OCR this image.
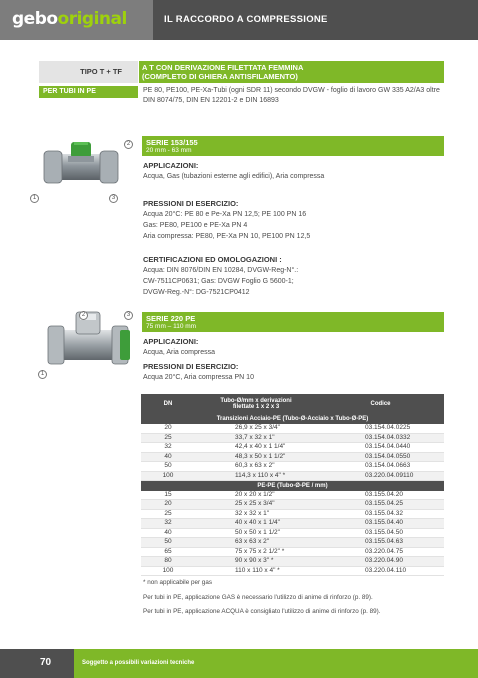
gebooriginal	IL RACCORDO A COMPRESSIONE
TIPO T + TF	A T CON DERIVAZIONE FILETTATA FEMMINA
(COMPLETO DI GHIERA ANTISFILAMENTO)
PER TUBI IN PE	PE 80, PE100, PE-Xa-Tubi (ogni SDR 11) secondo DVGW - foglio di lavoro GW 335 A2/A3 oltre DIN 8074/75, DIN EN 12201-2 e DIN 16893
2
1	3
SERIE 153/155
20 mm - 63 mm
APPLICAZIONI:
Acqua, Gas (tubazioni esterne agli edifici), Aria compressa
PRESSIONI DI ESERCIZIO:
Acqua 20°C: PE 80 e Pe-Xa PN 12,5; PE 100 PN 16
Gas: PE80, PE100 e PE-Xa PN 4
Aria compressa: PE80, PE-Xa PN 10, PE100 PN 12,5
CERTIFICAZIONI ED OMOLOGAZIONI :
Acqua: DIN 8076/DIN EN 10284, DVGW-Reg-N°.:
CW-7511CP0631; Gas: DVGW Foglio G 5600-1;
DVGW-Reg.-N°: DG-7521CP0412
2	3
1
SERIE 220 PE
75 mm – 110 mm
APPLICAZIONI:
Acqua, Aria compressa
PRESSIONI DI ESERCIZIO:
Acqua 20°C, Aria compressa PN 10
DN	Tubo-Ø/mm x derivazioni
filettate 1 x 2 x 3	Codice
Transizioni Acciaio-PE (Tubo-Ø-Acciaio x Tubo-Ø-PE)		
20	26,9 x 25 x 3/4"	03.154.04.0225
25	33,7 x 32 x 1"	03.154.04.0332
32	42,4 x 40 x 1 1/4"	03.154.04.0440
40	48,3 x 50 x 1 1/2"	03.154.04.0550
50	60,3 x 63 x 2"	03.154.04.0663
100	114,3 x 110 x 4" *	03.220.04.09110
PE-PE (Tubo-Ø-PE / mm)		
15	20 x 20 x 1/2"	03.155.04.20
20	25 x 25 x 3/4"	03.155.04.25
25	32 x 32 x 1"	03.155.04.32
32	40 x 40 x 1 1/4"	03.155.04.40
40	50 x 50 x 1 1/2"	03.155.04.50
50	63 x 63 x 2"	03.155.04.63
65	75 x 75 x 2 1/2" *	03.220.04.75
80	90 x 90 x 3" *	03.220.04.90
100	110 x 110 x 4" *	03.220.04.110
* non applicabile per gas
Per tubi in PE, applicazione GAS è necessario l'utilizzo di anime di rinforzo (p. 89).
Per tubi in PE, applicazione ACQUA è consigliato l'utilizzo di anime di rinforzo (p. 89).
70	Soggetto a possibili variazioni tecniche
